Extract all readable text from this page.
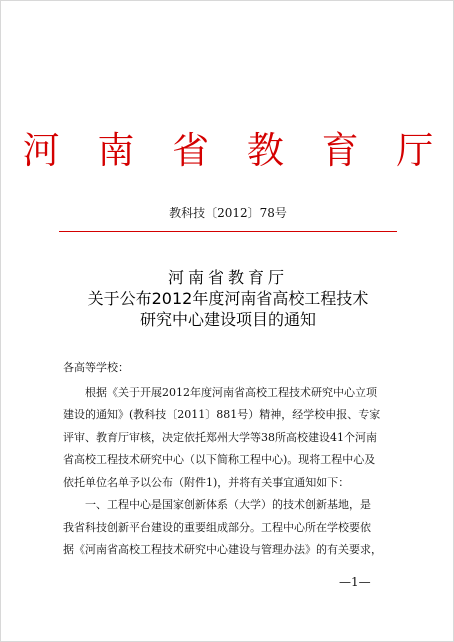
河 南 省 教 育 厅
教科技〔2012〕78号
河南省教育厅
关于公布2012年度河南省高校工程技术
研究中心建设项目的通知

各高等学校：

　　根据《关于开展2012年度河南省高校工程技术研究中心立项

建设的通知》(教科技〔2011〕881号）精神，经学校申报、专家

评审、教育厅审核，决定依托郑州大学等38所高校建设41个河南

省高校工程技术研究中心（以下简称工程中心)。现将工程中心及

依托单位名单予以公布（附件1)，并将有关事宜通知如下：

　　一、工程中心是国家创新体系（大学）的技术创新基地，是

我省科技创新平台建设的重要组成部分。工程中心所在学校要依

据《河南省高校工程技术研究中心建设与管理办法》的有关要求，

—1—
